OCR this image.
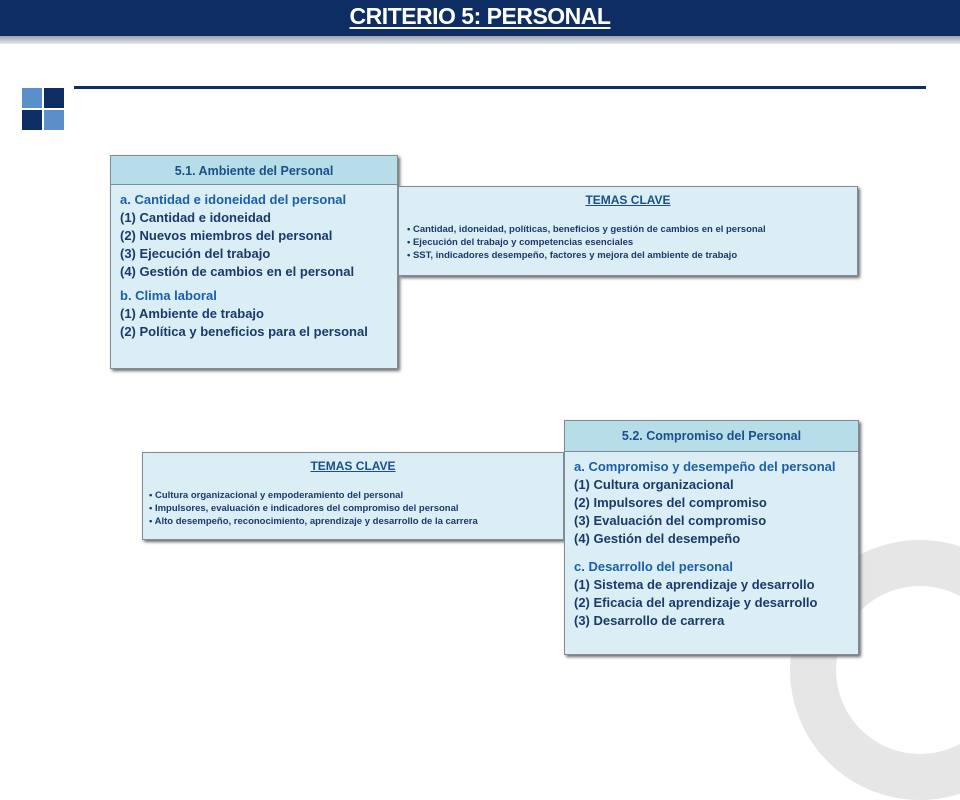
CRITERIO 5: PERSONAL
5.1. Ambiente del Personal
a. Cantidad e idoneidad del personal
(1) Cantidad e idoneidad
(2) Nuevos miembros del personal
(3) Ejecución del trabajo
(4) Gestión de cambios en el personal
b. Clima laboral
(1) Ambiente de trabajo
(2) Política y beneficios para el personal
TEMAS CLAVE
• Cantidad, idoneidad, políticas, beneficios y gestión de cambios en el personal
• Ejecución del trabajo y competencias esenciales
• SST, indicadores desempeño, factores y mejora del ambiente de trabajo
TEMAS CLAVE
• Cultura organizacional y empoderamiento del personal
• Impulsores, evaluación e indicadores del compromiso del personal
• Alto desempeño, reconocimiento, aprendizaje y desarrollo de la carrera
5.2. Compromiso del Personal
a. Compromiso y desempeño del personal
(1) Cultura organizacional
(2) Impulsores del compromiso
(3) Evaluación del compromiso
(4) Gestión del desempeño
c. Desarrollo del personal
(1) Sistema de aprendizaje y desarrollo
(2) Eficacia del aprendizaje y desarrollo
(3) Desarrollo de carrera
